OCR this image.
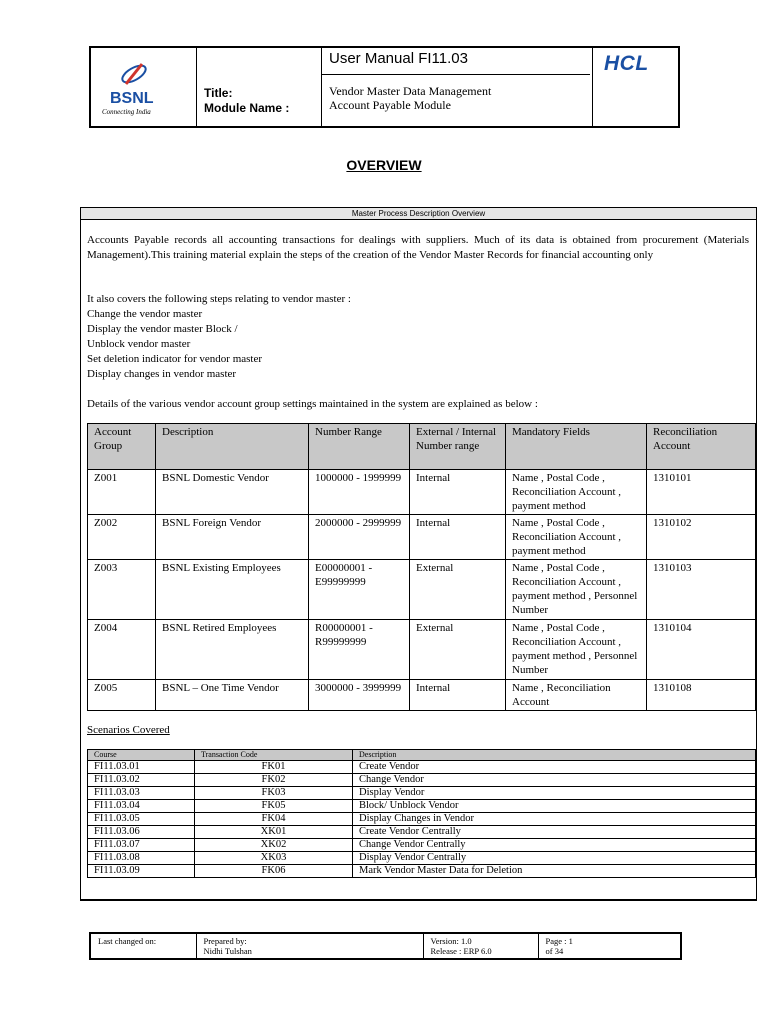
BSNL
Connecting India
User Manual FI11.03
Title:
Module Name :
Vendor Master Data Management
Account Payable Module
HCL
OVERVIEW
Master Process Description Overview
Accounts Payable records all accounting transactions for dealings with suppliers. Much of its data is obtained from procurement (Materials Management).This training material explain the steps of the creation of the Vendor Master Records for financial accounting only
It also covers the following steps relating to vendor master :
Change the vendor master
Display the vendor master Block /
Unblock vendor master
Set deletion indicator for vendor master
Display changes in vendor master
Details of the various vendor account group settings maintained in the system are explained as below :
Account Group	Description	Number Range	External / Internal Number range	Mandatory Fields	Reconciliation Account
Z001	BSNL Domestic Vendor	1000000 - 1999999	Internal	Name , Postal Code , Reconciliation Account , payment method	1310101
Z002	BSNL Foreign Vendor	2000000 - 2999999	Internal	Name , Postal Code , Reconciliation Account , payment method	1310102
Z003	BSNL Existing Employees	E00000001 - E99999999	External	Name , Postal Code , Reconciliation Account , payment method , Personnel Number	1310103
Z004	BSNL Retired Employees	R00000001 - R99999999	External	Name , Postal Code , Reconciliation Account , payment method , Personnel Number	1310104
Z005	BSNL – One Time Vendor	3000000 - 3999999	Internal	Name , Reconciliation Account	1310108
Scenarios Covered
Course	Transaction Code	Description
FI11.03.01	FK01	Create Vendor
FI11.03.02	FK02	Change Vendor
FI11.03.03	FK03	Display Vendor
FI11.03.04	FK05	Block/ Unblock Vendor
FI11.03.05	FK04	Display Changes in Vendor
FI11.03.06	XK01	Create Vendor Centrally
FI11.03.07	XK02	Change Vendor Centrally
FI11.03.08	XK03	Display Vendor Centrally
FI11.03.09	FK06	Mark Vendor Master Data for Deletion
Last changed on:	Prepared by:
Nidhi Tulshan

Version: 1.0
Release : ERP 6.0

Page : 1
of 34
